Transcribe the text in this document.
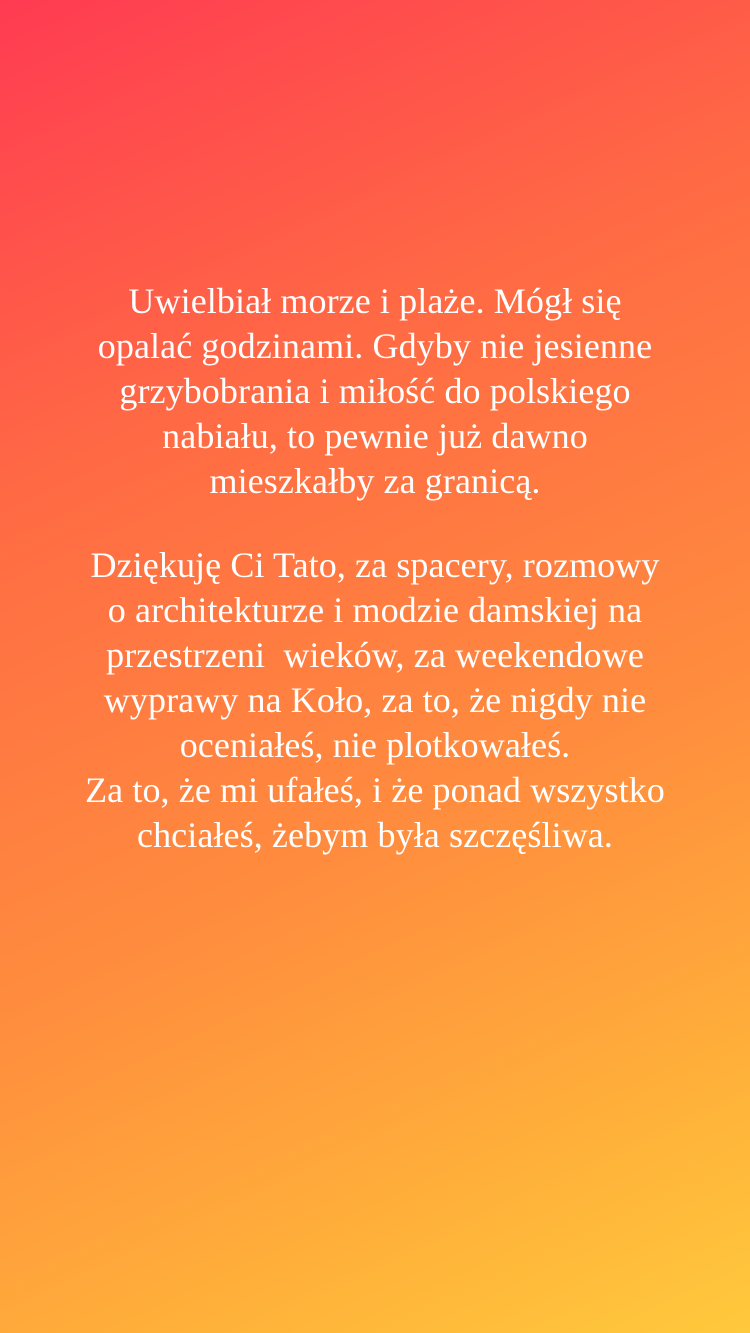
Uwielbiał morze i plaże. Mógł się
opalać godzinami. Gdyby nie jesienne
grzybobrania i miłość do polskiego
nabiału, to pewnie już dawno
mieszkałby za granicą.
Dziękuję Ci Tato, za spacery, rozmowy
o architekturze i modzie damskiej na
przestrzeni  wieków, za weekendowe
wyprawy na Koło, za to, że nigdy nie
oceniałeś, nie plotkowałeś.
Za to, że mi ufałeś, i że ponad wszystko
chciałeś, żebym była szczęśliwa.
